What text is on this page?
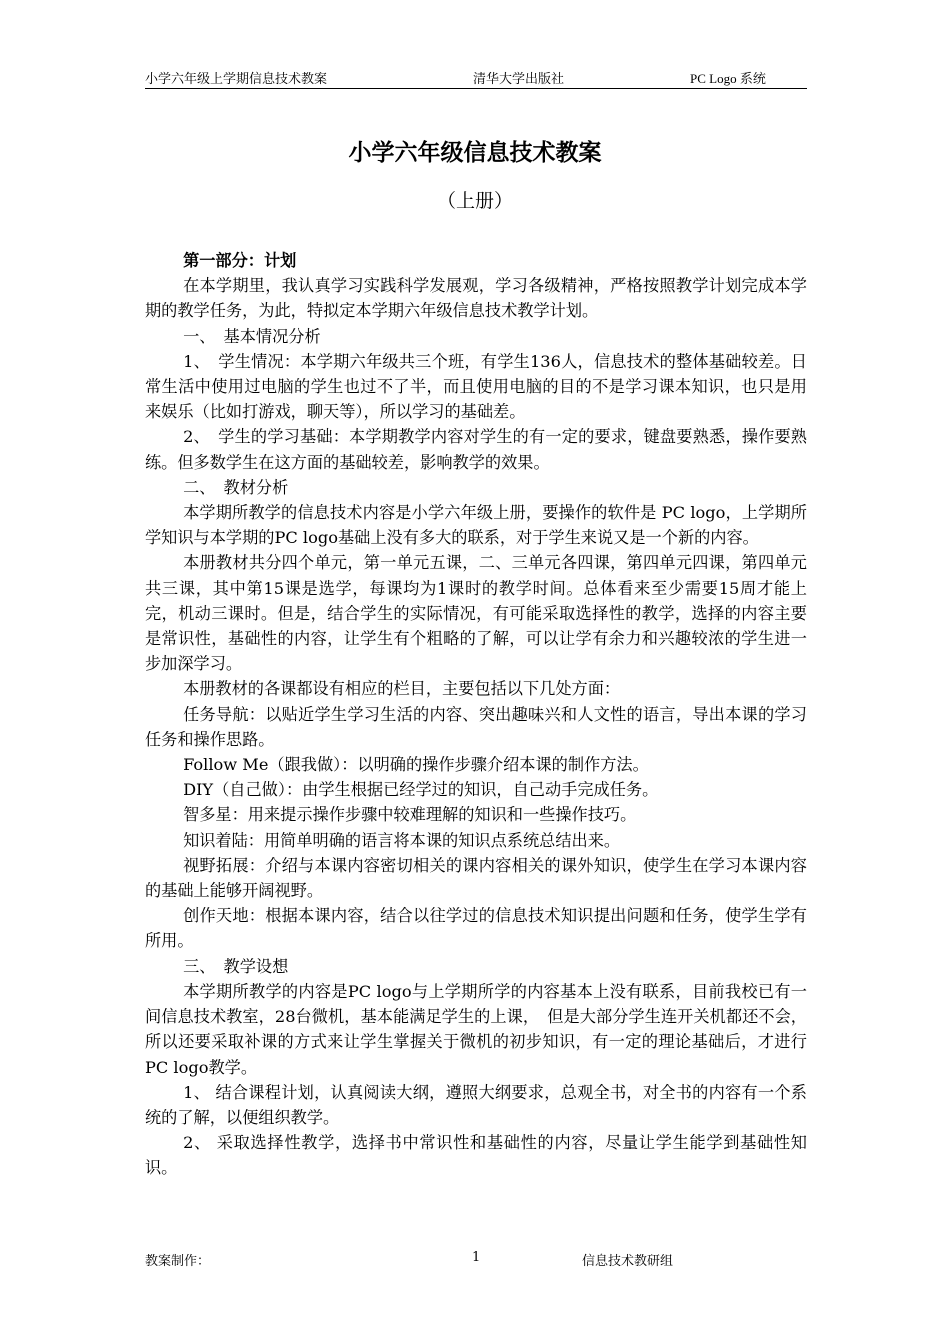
小学六年级上学期信息技术教案	清华大学出版社	PC Logo 系统
小学六年级信息技术教案
（上册）

第一部分：计划

在本学期里，我认真学习实践科学发展观，学习各级精神，严格按照教学计划完成本学期的教学任务，为此，特拟定本学期六年级信息技术教学计划。

一、　基本情况分析

1、　学生情况：本学期六年级共三个班，有学生136人，信息技术的整体基础较差。日常生活中使用过电脑的学生也过不了半，而且使用电脑的目的不是学习课本知识，也只是用来娱乐（比如打游戏，聊天等），所以学习的基础差。

2、　学生的学习基础：本学期教学内容对学生的有一定的要求，键盘要熟悉，操作要熟练。但多数学生在这方面的基础较差，影响教学的效果。

二、　教材分析

本学期所教学的信息技术内容是小学六年级上册，要操作的软件是 PC logo，上学期所学知识与本学期的PC logo基础上没有多大的联系，对于学生来说又是一个新的内容。

本册教材共分四个单元，第一单元五课，二、三单元各四课，第四单元四课，第四单元共三课，其中第15课是选学，每课均为1课时的教学时间。总体看来至少需要15周才能上完，机动三课时。但是，结合学生的实际情况，有可能采取选择性的教学，选择的内容主要是常识性，基础性的内容，让学生有个粗略的了解，可以让学有余力和兴趣较浓的学生进一步加深学习。

本册教材的各课都设有相应的栏目，主要包括以下几处方面：

任务导航：以贴近学生学习生活的内容、突出趣味兴和人文性的语言，导出本课的学习任务和操作思路。

Follow Me（跟我做）：以明确的操作步骤介绍本课的制作方法。

DIY（自己做）：由学生根据已经学过的知识，自己动手完成任务。

智多星：用来提示操作步骤中较难理解的知识和一些操作技巧。

知识着陆：用简单明确的语言将本课的知识点系统总结出来。

视野拓展：介绍与本课内容密切相关的课内容相关的课外知识，使学生在学习本课内容的基础上能够开阔视野。

创作天地：根据本课内容，结合以往学过的信息技术知识提出问题和任务，使学生学有所用。

三、　教学设想

本学期所教学的内容是PC logo与上学期所学的内容基本上没有联系，目前我校已有一间信息技术教室，28台微机，基本能满足学生的上课，　但是大部分学生连开关机都还不会，所以还要采取补课的方式来让学生掌握关于微机的初步知识，有一定的理论基础后，才进行PC logo教学。

1、 结合课程计划，认真阅读大纲，遵照大纲要求，总观全书，对全书的内容有一个系统的了解，以便组织教学。

2、 采取选择性教学，选择书中常识性和基础性的内容，尽量让学生能学到基础性知识。

教案制作：	1	信息技术教研组
